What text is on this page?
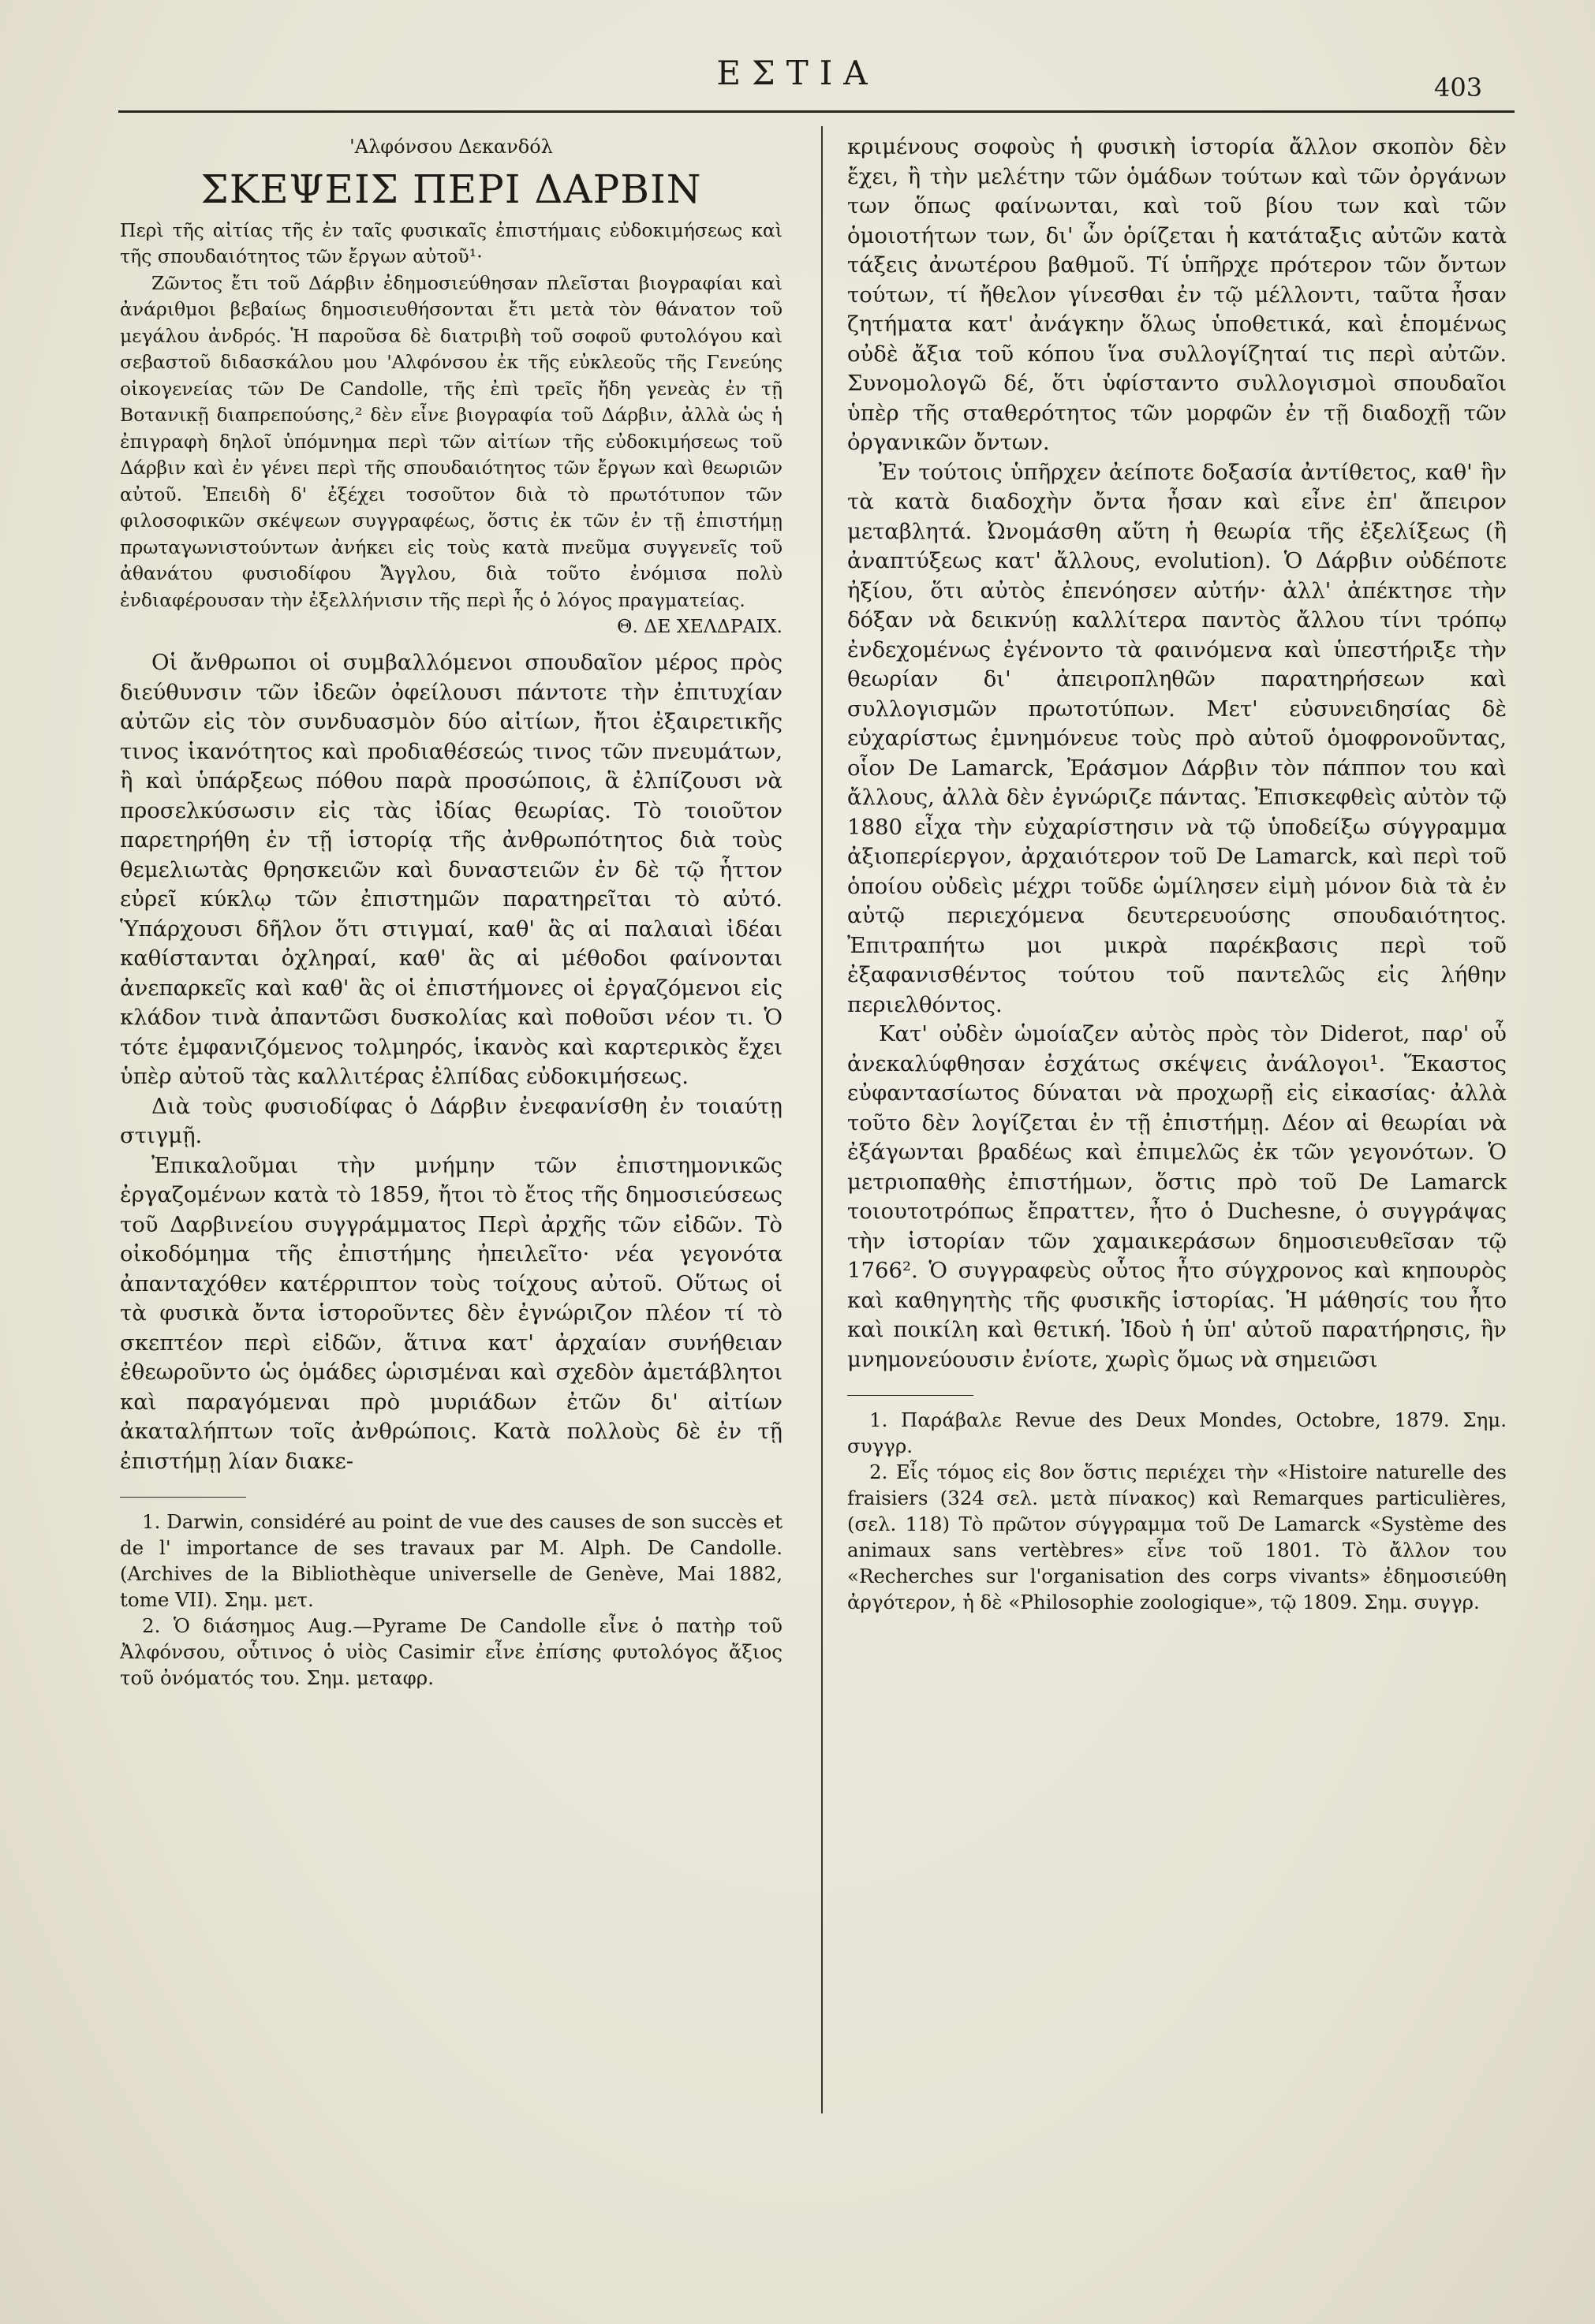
ΕΣΤΙΑ	403

'Αλφόνσου Δεκανδόλ

ΣΚΕΨΕΙΣ ΠΕΡΙ ΔΑΡΒΙΝ

Περὶ τῆς αἰτίας τῆς ἐν ταῖς φυσικαῖς ἐπιστήμαις εὐδοκιμήσεως καὶ τῆς σπουδαιότητος τῶν ἔργων αὐτοῦ¹·

Ζῶντος ἔτι τοῦ Δάρβιν ἐδημοσιεύθησαν πλεῖσται βιογραφίαι καὶ ἀνάριθμοι βεβαίως δημοσιευθήσονται ἔτι μετὰ τὸν θάνατον τοῦ μεγάλου ἀνδρός. Ἡ παροῦσα δὲ διατριβὴ τοῦ σοφοῦ φυτολόγου καὶ σεβαστοῦ διδασκάλου μου 'Αλφόνσου ἐκ τῆς εὐκλεοῦς τῆς Γενεύης οἰκογενείας τῶν De Candolle, τῆς ἐπὶ τρεῖς ἤδη γενεὰς ἐν τῇ Βοτανικῇ διαπρεπούσης,² δὲν εἶνε βιογραφία τοῦ Δάρβιν, ἀλλὰ ὡς ἡ ἐπιγραφὴ δηλοῖ ὑπόμνημα περὶ τῶν αἰτίων τῆς εὐδοκιμήσεως τοῦ Δάρβιν καὶ ἐν γένει περὶ τῆς σπουδαιότητος τῶν ἔργων καὶ θεωριῶν αὐτοῦ. Ἐπειδὴ δ' ἐξέχει τοσοῦτον διὰ τὸ πρωτότυπον τῶν φιλοσοφικῶν σκέψεων συγγραφέως, ὅστις ἐκ τῶν ἐν τῇ ἐπιστήμῃ πρωταγωνιστούντων ἀνήκει εἰς τοὺς κατὰ πνεῦμα συγγενεῖς τοῦ ἀθανάτου φυσιοδίφου Ἄγγλου, διὰ τοῦτο ἐνόμισα πολὺ ἐνδιαφέρουσαν τὴν ἐξελλήνισιν τῆς περὶ ἧς ὁ λόγος πραγματείας.

Θ. ΔΕ ΧΕΛΔΡΑΙΧ.

Οἱ ἄνθρωποι οἱ συμβαλλόμενοι σπουδαῖον μέρος πρὸς διεύθυνσιν τῶν ἰδεῶν ὀφείλουσι πάντοτε τὴν ἐπιτυχίαν αὐτῶν εἰς τὸν συνδυασμὸν δύο αἰτίων, ἤτοι ἐξαιρετικῆς τινος ἱκανότητος καὶ προδιαθέσεώς τινος τῶν πνευμάτων, ἢ καὶ ὑπάρξεως πόθου παρὰ προσώποις, ἃ ἐλπίζουσι νὰ προσελκύσωσιν εἰς τὰς ἰδίας θεωρίας. Τὸ τοιοῦτον παρετηρήθη ἐν τῇ ἱστορίᾳ τῆς ἀνθρωπότητος διὰ τοὺς θεμελιωτὰς θρησκειῶν καὶ δυναστειῶν ἐν δὲ τῷ ἧττον εὐρεῖ κύκλῳ τῶν ἐπιστημῶν παρατηρεῖται τὸ αὐτό. Ὑπάρχουσι δῆλον ὅτι στιγμαί, καθ' ἃς αἱ παλαιαὶ ἰδέαι καθίστανται ὀχληραί, καθ' ἃς αἱ μέθοδοι φαίνονται ἀνεπαρκεῖς καὶ καθ' ἃς οἱ ἐπιστήμονες οἱ ἐργαζόμενοι εἰς κλάδον τινὰ ἀπαντῶσι δυσκολίας καὶ ποθοῦσι νέον τι. Ὁ τότε ἐμφανιζόμενος τολμηρός, ἱκανὸς καὶ καρτερικὸς ἔχει ὑπὲρ αὐτοῦ τὰς καλλιτέρας ἐλπίδας εὐδοκιμήσεως.

Διὰ τοὺς φυσιοδίφας ὁ Δάρβιν ἐνεφανίσθη ἐν τοιαύτῃ στιγμῇ.

Ἐπικαλοῦμαι τὴν μνήμην τῶν ἐπιστημονικῶς ἐργαζομένων κατὰ τὸ 1859, ἤτοι τὸ ἔτος τῆς δημοσιεύσεως τοῦ Δαρβινείου συγγράμματος Περὶ ἀρχῆς τῶν εἰδῶν. Τὸ οἰκοδόμημα τῆς ἐπιστήμης ἠπειλεῖτο· νέα γεγονότα ἀπανταχόθεν κατέρριπτον τοὺς τοίχους αὐτοῦ. Οὕτως οἱ τὰ φυσικὰ ὄντα ἱστοροῦντες δὲν ἐγνώριζον πλέον τί τὸ σκεπτέον περὶ εἰδῶν, ἅτινα κατ' ἀρχαίαν συνήθειαν ἐθεωροῦντο ὡς ὁμάδες ὡρισμέναι καὶ σχεδὸν ἀμετάβλητοι καὶ παραγόμεναι πρὸ μυριάδων ἐτῶν δι' αἰτίων ἀκαταλήπτων τοῖς ἀνθρώποις. Κατὰ πολλοὺς δὲ ἐν τῇ ἐπιστήμῃ λίαν διακε-

1. Darwin, considéré au point de vue des causes de son succès et de l' importance de ses travaux par M. Alph. De Candolle. (Archives de la Bibliothèque universelle de Genève, Mai 1882, tome VII). Σημ. μετ.

2. Ὁ διάσημος Aug.—Pyrame De Candolle εἶνε ὁ πατὴρ τοῦ Ἀλφόνσου, οὗτινος ὁ υἱὸς Casimir εἶνε ἐπίσης φυτολόγος ἄξιος τοῦ ὀνόματός του. Σημ. μεταφρ.

κριμένους σοφοὺς ἡ φυσικὴ ἱστορία ἄλλον σκοπὸν δὲν ἔχει, ἢ τὴν μελέτην τῶν ὁμάδων τούτων καὶ τῶν ὀργάνων των ὅπως φαίνωνται, καὶ τοῦ βίου των καὶ τῶν ὁμοιοτήτων των, δι' ὧν ὁρίζεται ἡ κατάταξις αὐτῶν κατὰ τάξεις ἀνωτέρου βαθμοῦ. Τί ὑπῆρχε πρότερον τῶν ὄντων τούτων, τί ἤθελον γίνεσθαι ἐν τῷ μέλλοντι, ταῦτα ἦσαν ζητήματα κατ' ἀνάγκην ὅλως ὑποθετικά, καὶ ἑπομένως οὐδὲ ἄξια τοῦ κόπου ἵνα συλλογίζηταί τις περὶ αὐτῶν. Συνομολογῶ δέ, ὅτι ὑφίσταντο συλλογισμοὶ σπουδαῖοι ὑπὲρ τῆς σταθερότητος τῶν μορφῶν ἐν τῇ διαδοχῇ τῶν ὀργανικῶν ὄντων.

Ἐν τούτοις ὑπῆρχεν ἀείποτε δοξασία ἀντίθετος, καθ' ἣν τὰ κατὰ διαδοχὴν ὄντα ἦσαν καὶ εἶνε ἐπ' ἄπειρον μεταβλητά. Ὠνομάσθη αὕτη ἡ θεωρία τῆς ἐξελίξεως (ἢ ἀναπτύξεως κατ' ἄλλους, evolution). Ὁ Δάρβιν οὐδέποτε ἠξίου, ὅτι αὐτὸς ἐπενόησεν αὐτήν· ἀλλ' ἀπέκτησε τὴν δόξαν νὰ δεικνύῃ καλλίτερα παντὸς ἄλλου τίνι τρόπῳ ἐνδεχομένως ἐγένοντο τὰ φαινόμενα καὶ ὑπεστήριξε τὴν θεωρίαν δι' ἀπειροπληθῶν παρατηρήσεων καὶ συλλογισμῶν πρωτοτύπων. Μετ' εὐσυνειδησίας δὲ εὐχαρίστως ἐμνημόνευε τοὺς πρὸ αὐτοῦ ὁμοφρονοῦντας, οἷον De Lamarck, Ἐράσμον Δάρβιν τὸν πάππον του καὶ ἄλλους, ἀλλὰ δὲν ἐγνώριζε πάντας. Ἐπισκεφθεὶς αὐτὸν τῷ 1880 εἶχα τὴν εὐχαρίστησιν νὰ τῷ ὑποδείξω σύγγραμμα ἀξιοπερίεργον, ἀρχαιότερον τοῦ De Lamarck, καὶ περὶ τοῦ ὁποίου οὐδεὶς μέχρι τοῦδε ὡμίλησεν εἰμὴ μόνον διὰ τὰ ἐν αὐτῷ περιεχόμενα δευτερευούσης σπουδαιότητος. Ἐπιτραπήτω μοι μικρὰ παρέκβασις περὶ τοῦ ἐξαφανισθέντος τούτου τοῦ παντελῶς εἰς λήθην περιελθόντος.

Κατ' οὐδὲν ὡμοίαζεν αὐτὸς πρὸς τὸν Diderot, παρ' οὗ ἀνεκαλύφθησαν ἐσχάτως σκέψεις ἀνάλογοι¹. Ἕκαστος εὐφαντασίωτος δύναται νὰ προχωρῇ εἰς εἰκασίας· ἀλλὰ τοῦτο δὲν λογίζεται ἐν τῇ ἐπιστήμῃ. Δέον αἱ θεωρίαι νὰ ἐξάγωνται βραδέως καὶ ἐπιμελῶς ἐκ τῶν γεγονότων. Ὁ μετριοπαθὴς ἐπιστήμων, ὅστις πρὸ τοῦ De Lamarck τοιουτοτρόπως ἔπραττεν, ἦτο ὁ Duchesne, ὁ συγγράψας τὴν ἱστορίαν τῶν χαμαικεράσων δημοσιευθεῖσαν τῷ 1766². Ὁ συγγραφεὺς οὗτος ἦτο σύγχρονος καὶ κηπουρὸς καὶ καθηγητὴς τῆς φυσικῆς ἱστορίας. Ἡ μάθησίς του ἦτο καὶ ποικίλη καὶ θετική. Ἰδοὺ ἡ ὑπ' αὐτοῦ παρατήρησις, ἣν μνημονεύουσιν ἐνίοτε, χωρὶς ὅμως νὰ σημειῶσι

1. Παράβαλε Revue des Deux Mondes, Octobre, 1879. Σημ. συγγρ.

2. Εἷς τόμος εἰς 8ον ὅστις περιέχει τὴν «Histoire naturelle des fraisiers (324 σελ. μετὰ πίνακος) καὶ Remarques particulières, (σελ. 118) Τὸ πρῶτον σύγγραμμα τοῦ De Lamarck «Système des animaux sans vertèbres» εἶνε τοῦ 1801. Τὸ ἄλλον του «Recherches sur l'organisation des corps vivants» ἐδημοσιεύθη ἀργότερον, ἡ δὲ «Philosophie zoologique», τῷ 1809. Σημ. συγγρ.
